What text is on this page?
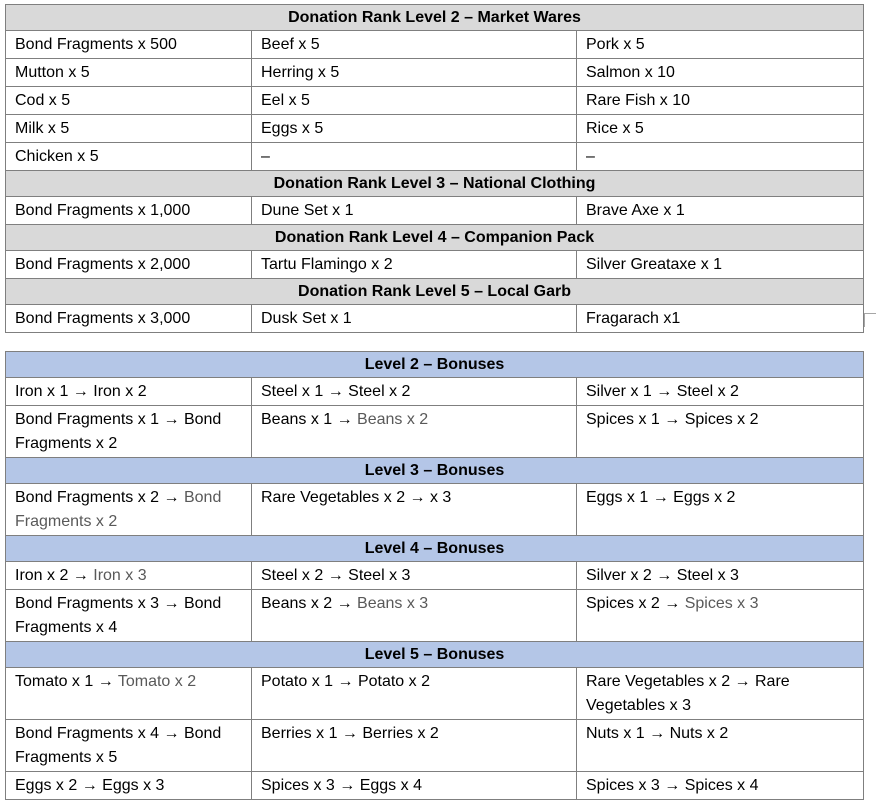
Donation Rank Level 2 – Market Wares		
Bond Fragments x 500	Beef x 5	Pork x 5
Mutton x 5	Herring x 5	Salmon x 10
Cod x 5	Eel x 5	Rare Fish x 10
Milk x 5	Eggs x 5	Rice x 5
Chicken x 5	–	–
Donation Rank Level 3 – National Clothing		
Bond Fragments x 1,000	Dune Set x 1	Brave Axe x 1
Donation Rank Level 4 – Companion Pack		
Bond Fragments x 2,000	Tartu Flamingo x 2	Silver Greataxe x 1
Donation Rank Level 5 – Local Garb		
Bond Fragments x 3,000	Dusk Set x 1	Fragarach x1
Level 2 – Bonuses		
Iron x 1 → Iron x 2	Steel x 1 → Steel x 2	Silver x 1 → Steel x 2
Bond Fragments x 1 → Bond Fragments x 2	Beans x 1 → Beans x 2	Spices x 1 → Spices x 2
Level 3 – Bonuses		
Bond Fragments x 2 → Bond Fragments x 2	Rare Vegetables x 2 → x 3	Eggs x 1 → Eggs x 2
Level 4 – Bonuses		
Iron x 2 → Iron x 3	Steel x 2 → Steel x 3	Silver x 2 → Steel x 3
Bond Fragments x 3 → Bond Fragments x 4	Beans x 2 → Beans x 3	Spices x 2 → Spices x 3
Level 5 – Bonuses		
Tomato x 1 → Tomato x 2	Potato x 1 → Potato x 2	Rare Vegetables x 2 → Rare Vegetables x 3
Bond Fragments x 4 → Bond Fragments x 5	Berries x 1 → Berries x 2	Nuts x 1 → Nuts x 2
Eggs x 2 → Eggs x 3	Spices x 3 → Eggs x 4	Spices x 3 → Spices x 4
